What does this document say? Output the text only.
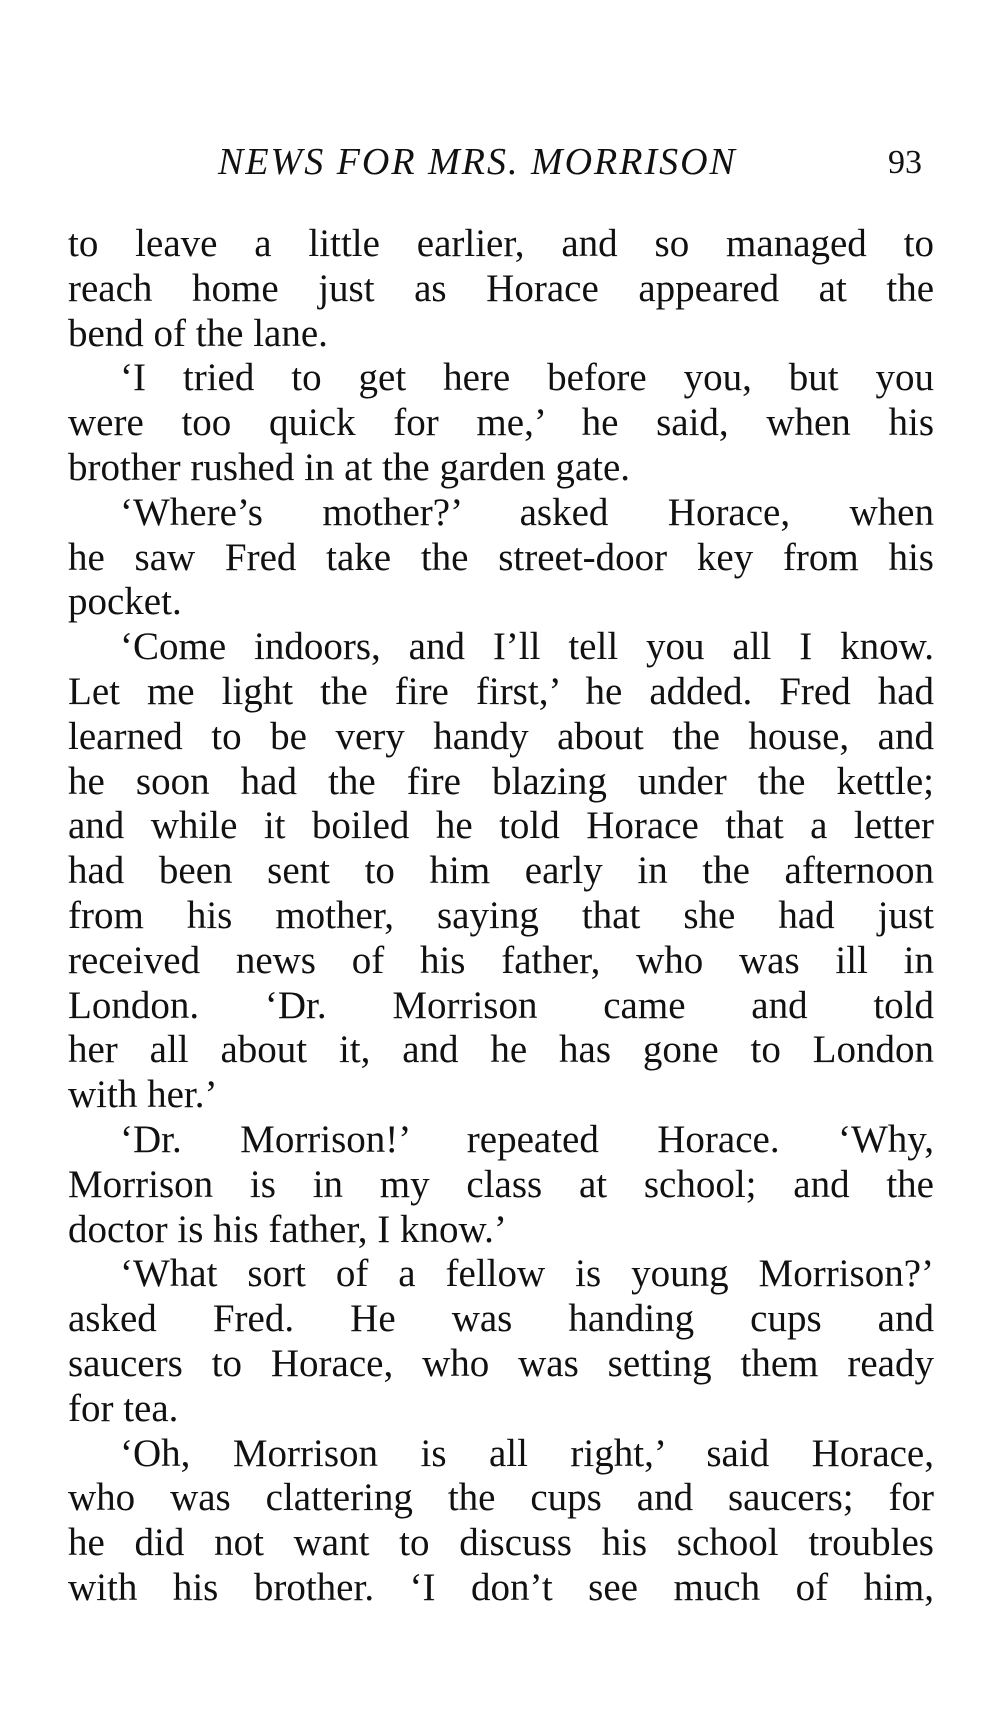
NEWS FOR MRS. MORRISON	93
to leave a little earlier, and so managed to
reach home just as Horace appeared at the
bend of the lane.
‘I tried to get here before you, but you
were too quick for me,’ he said, when his
brother rushed in at the garden gate.
‘Where’s mother?’ asked Horace, when
he saw Fred take the street-door key from his
pocket.
‘Come indoors, and I’ll tell you all I know.
Let me light the fire first,’ he added. Fred had
learned to be very handy about the house, and
he soon had the fire blazing under the kettle;
and while it boiled he told Horace that a letter
had been sent to him early in the afternoon
from his mother, saying that she had just
received news of his father, who was ill in
London. ‘Dr. Morrison came and told
her all about it, and he has gone to London
with her.’
‘Dr. Morrison!’ repeated Horace. ‘Why,
Morrison is in my class at school; and the
doctor is his father, I know.’
‘What sort of a fellow is young Morrison?’
asked Fred. He was handing cups and
saucers to Horace, who was setting them ready
for tea.
‘Oh, Morrison is all right,’ said Horace,
who was clattering the cups and saucers; for
he did not want to discuss his school troubles
with his brother. ‘I don’t see much of him,
